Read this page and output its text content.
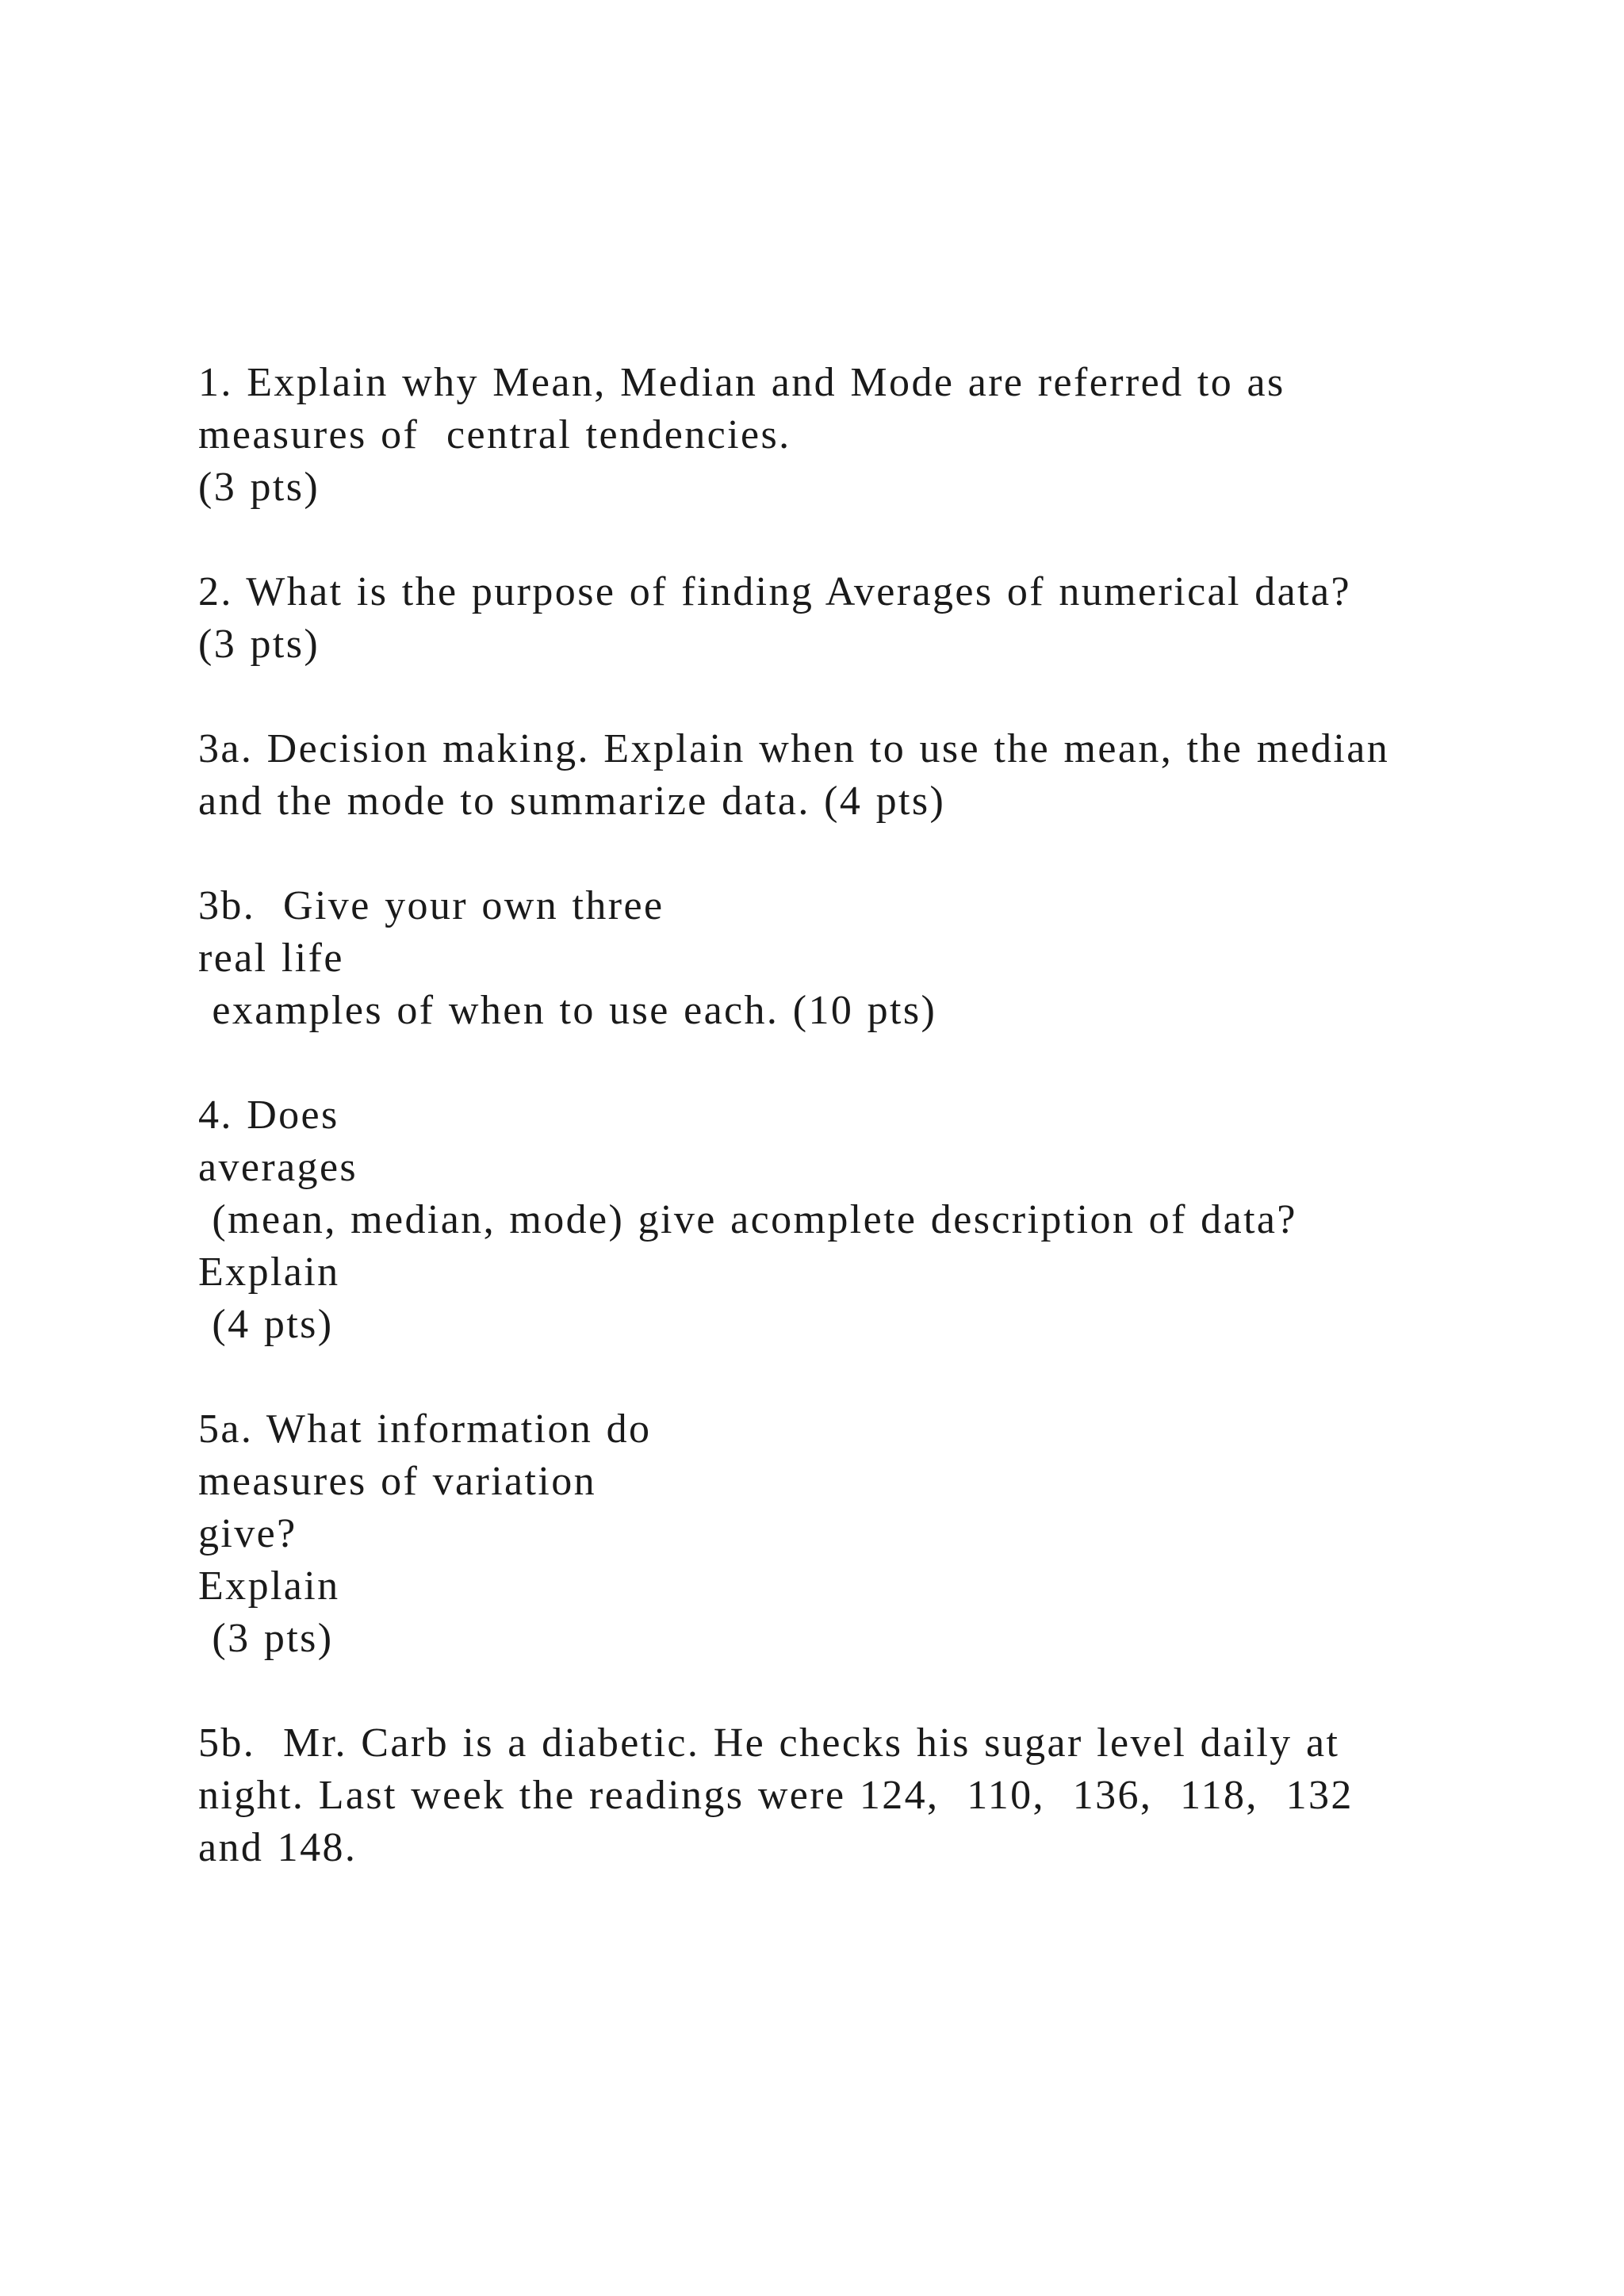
1. Explain why Mean, Median and Mode are referred to as
measures of  central tendencies.
(3 pts)
2. What is the purpose of finding Averages of numerical data?
(3 pts)
3a. Decision making. Explain when to use the mean, the median
and the mode to summarize data. (4 pts)
3b.  Give your own three
real life
examples of when to use each. (10 pts)
4. Does
averages
(mean, median, mode) give acomplete description of data?
Explain
(4 pts)
5a. What information do
measures of variation
give?
Explain
(3 pts)
5b.  Mr. Carb is a diabetic. He checks his sugar level daily at
night. Last week the readings were 124,  110,  136,  118,  132
and 148.
